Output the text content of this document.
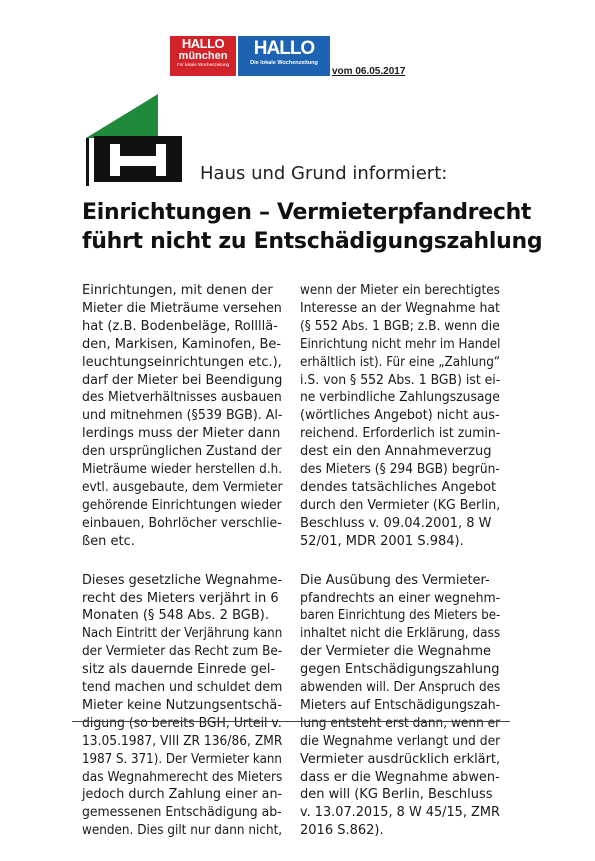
HALLO
münchen
Für lokale Wochenzeitung
HALLO
Die lokale Wochenzeitung
vom 06.05.2017
Haus und Grund informiert:
Einrichtungen – Vermieterpfandrecht
führt nicht zu Entschädigungszahlung
Einrichtungen, mit denen der
Mieter die Mieträume versehen
hat (z.B. Bodenbeläge, Rollllä-
den, Markisen, Kaminofen, Be-
leuchtungseinrichtungen etc.),
darf der Mieter bei Beendigungdes Mietverhältnisses ausbauenund mitnehmen (§539 BGB). Al-
lerdings muss der Mieter dann
den ursprünglichen Zustand derMieträume wieder herstellen d.h.evtl. ausgebaute, dem Vermietergehörende Einrichtungen wiedereinbauen, Bohrlöcher verschlie-
ßen etc.
Dieses gesetzliche Wegnahme-
recht des Mieters verjährt in 6
Monaten (§ 548 Abs. 2 BGB).
Nach Eintritt der Verjährung kannder Vermieter das Recht zum Be-
sitz als dauernde Einrede gel-
tend machen und schuldet demMieter keine Nutzungsentschä-digung (so bereits BGH, Urteil v.13.05.1987, VIII ZR 136/86, ZMR1987 S. 371). Der Vermieter kanndas Wegnahmerecht des Mietersjedoch durch Zahlung einer an-gemessenen Entschädigung ab-wenden. Dies gilt nur dann nicht,
wenn der Mieter ein berechtigtesInteresse an der Wegnahme hat(§ 552 Abs. 1 BGB; z.B. wenn dieEinrichtung nicht mehr im Handelerhältlich ist). Für eine „Zahlung“i.S. von § 552 Abs. 1 BGB) ist ei-ne verbindliche Zahlungszusage(wörtliches Angebot) nicht aus-reichend. Erforderlich ist zumin-
dest ein den Annahmeverzug
des Mieters (§ 294 BGB) begrün-
dendes tatsächliches Angebot
durch den Vermieter (KG Berlin,
Beschluss v. 09.04.2001, 8 W
52/01, MDR 2001 S.984).
Die Ausübung des Vermieter-
pfandrechts an einer wegnehm-baren Einrichtung des Mieters be-inhaltet nicht die Erklärung, dass
der Vermieter die Wegnahme
gegen Entschädigungszahlung
abwenden will. Der Anspruch desMieters auf Entschädigungszah-lung entsteht erst dann, wenn erdie Wegnahme verlangt und derVermieter ausdrücklich erklärt,dass er die Wegnahme abwen-
den will (KG Berlin, Beschluss
v. 13.07.2015, 8 W 45/15, ZMR
2016 S.862).
